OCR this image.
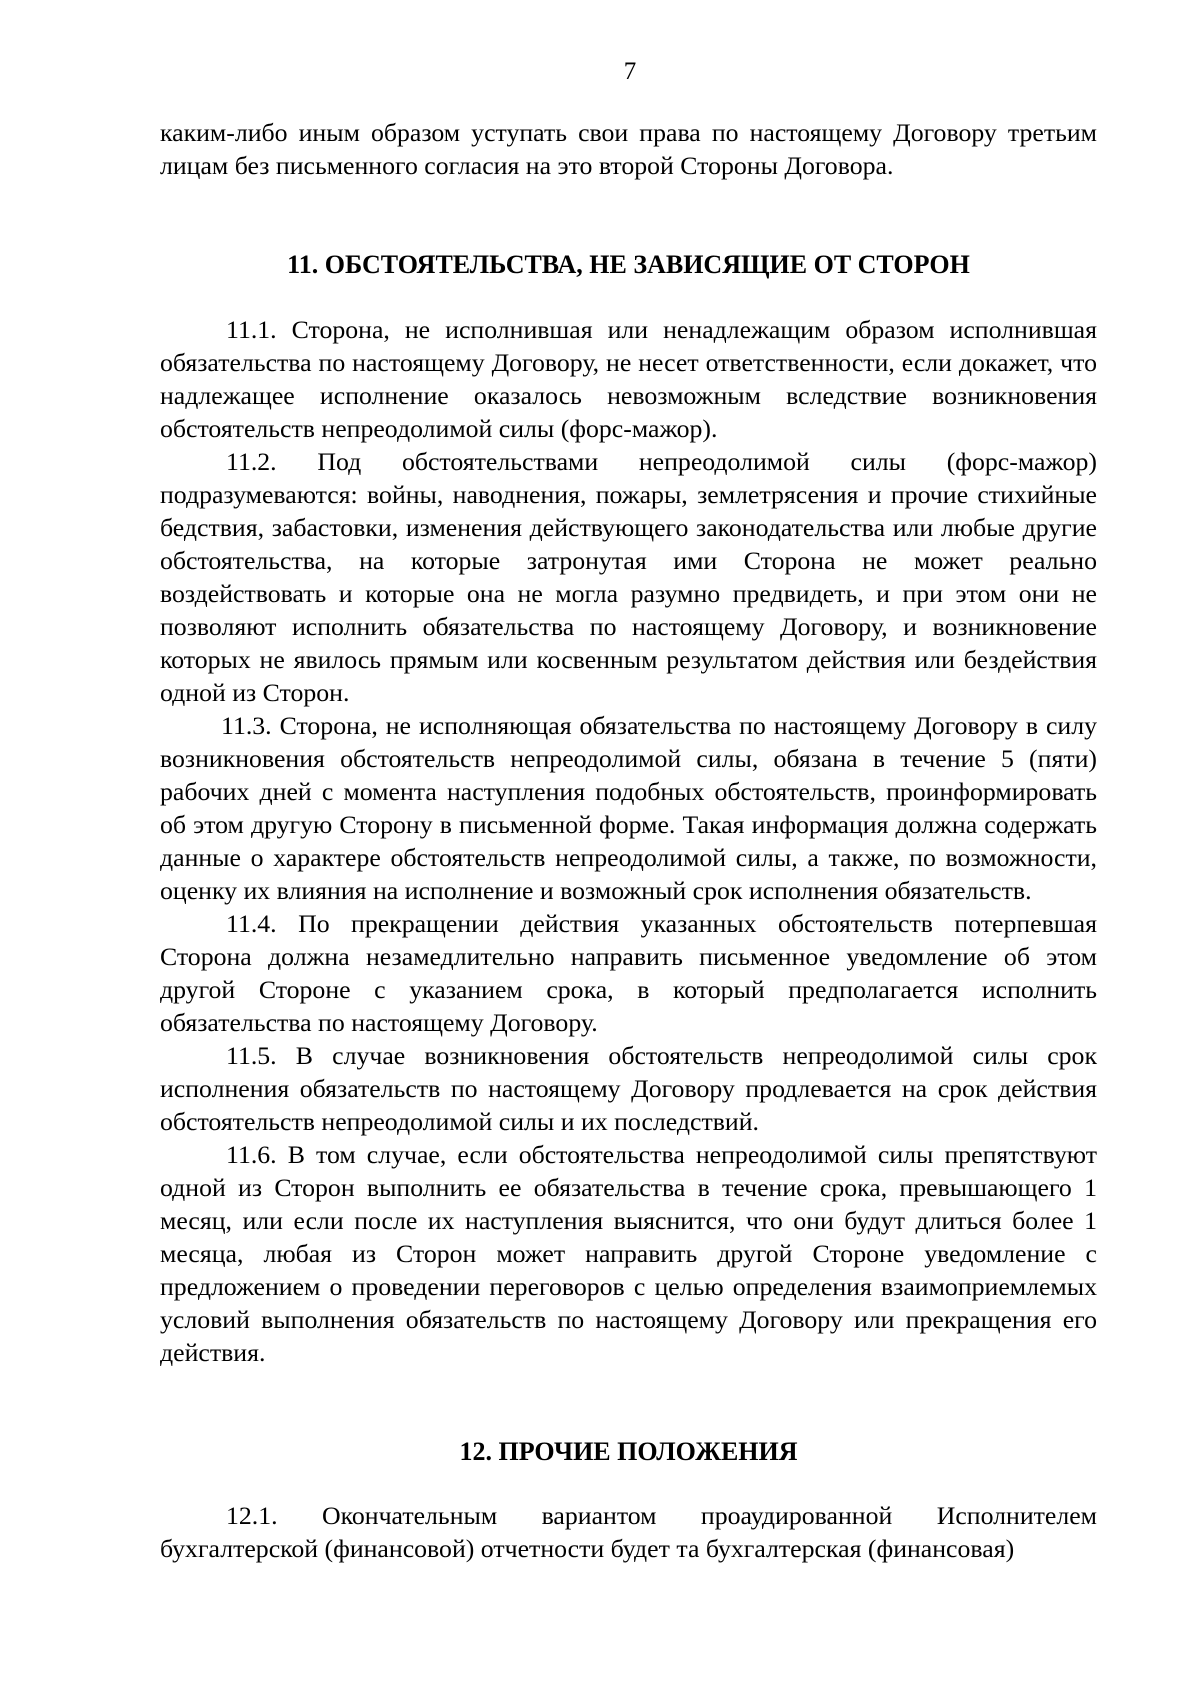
7

каким-либо иным образом уступать свои права по настоящему Договору третьим лицам без письменного согласия на это второй Стороны Договора.

11. ОБСТОЯТЕЛЬСТВА, НЕ ЗАВИСЯЩИЕ ОТ СТОРОН

11.1. Сторона, не исполнившая или ненадлежащим образом исполнившая обязательства по настоящему Договору, не несет ответственности, если докажет, что надлежащее исполнение оказалось невозможным вследствие возникновения обстоятельств непреодолимой силы (форс-мажор).

11.2. Под обстоятельствами непреодолимой силы (форс-мажор) подразумеваются: войны, наводнения, пожары, землетрясения и прочие стихийные бедствия, забастовки, изменения действующего законодательства или любые другие обстоятельства, на которые затронутая ими Сторона не может реально воздействовать и которые она не могла разумно предвидеть, и при этом они не позволяют исполнить обязательства по настоящему Договору, и возникновение которых не явилось прямым или косвенным результатом действия или бездействия одной из Сторон.

11.3. Сторона, не исполняющая обязательства по настоящему Договору в силу возникновения обстоятельств непреодолимой силы, обязана в течение 5 (пяти) рабочих дней с момента наступления подобных обстоятельств, проинформировать об этом другую Сторону в письменной форме. Такая информация должна содержать данные о характере обстоятельств непреодолимой силы, а также, по возможности, оценку их влияния на исполнение и возможный срок исполнения обязательств.

11.4. По прекращении действия указанных обстоятельств потерпевшая Сторона должна незамедлительно направить письменное уведомление об этом другой Стороне с указанием срока, в который предполагается исполнить обязательства по настоящему Договору.

11.5. В случае возникновения обстоятельств непреодолимой силы срок исполнения обязательств по настоящему Договору продлевается на срок действия обстоятельств непреодолимой силы и их последствий.

11.6. В том случае, если обстоятельства непреодолимой силы препятствуют одной из Сторон выполнить ее обязательства в течение срока, превышающего 1 месяц, или если после их наступления выяснится, что они будут длиться более 1 месяца, любая из Сторон может направить другой Стороне уведомление с предложением о проведении переговоров с целью определения взаимоприемлемых условий выполнения обязательств по настоящему Договору или прекращения его действия.

12. ПРОЧИЕ ПОЛОЖЕНИЯ

12.1. Окончательным вариантом проаудированной Исполнителем бухгалтерской (финансовой) отчетности будет та бухгалтерская (финансовая)
